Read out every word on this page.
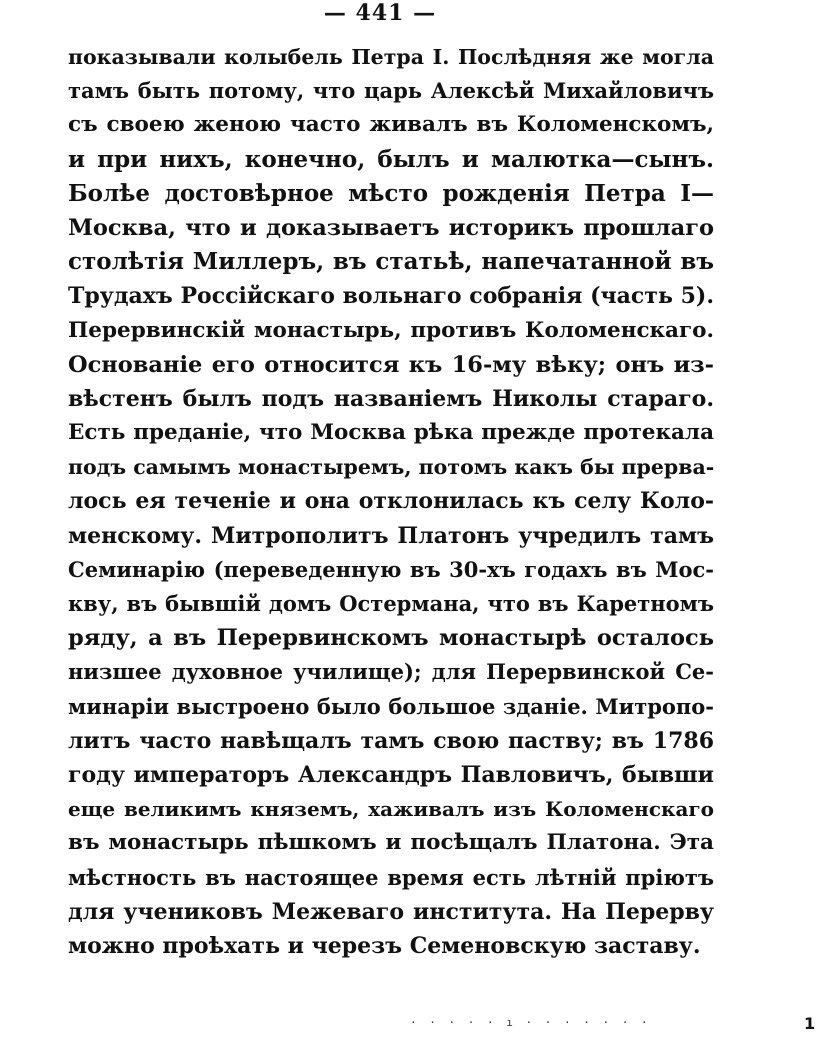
— 441 —
показывали колыбель Петра I. Послѣдняя же могла
тамъ быть потому, что царь Алексѣй Михайловичъ
съ своею женою часто живалъ въ Коломенскомъ,
и при нихъ, конечно, былъ и малютка—сынъ.
Болѣе достовѣрное мѣсто рожденія Петра I—
Москва, что и доказываетъ историкъ прошлаго
столѣтія Миллеръ, въ статьѣ, напечатанной въ
Трудахъ Россійскаго вольнаго собранія (часть 5).
Перервинскій монастырь, противъ Коломенскаго.
Основаніе его относится къ 16-му вѣку; онъ из-
вѣстенъ былъ подъ названіемъ Николы стараго.
Есть преданіе, что Москва рѣка прежде протекала
подъ самымъ монастыремъ, потомъ какъ бы прерва-
лось ея теченіе и она отклонилась къ селу Коло-
менскому. Митрополитъ Платонъ учредилъ тамъ
Семинарію (переведенную въ 30-хъ годахъ въ Мос-
кву, въ бывшій домъ Остермана, что въ Каретномъ
ряду, а въ Перервинскомъ монастырѣ осталось
низшее духовное училище); для Перервинской Се-
минаріи выстроено было большое зданіе. Митропо-
литъ часто навѣщалъ тамъ свою паству; въ 1786
году императоръ Александръ Павловичъ, бывши
еще великимъ княземъ, хаживалъ изъ Коломенскаго
въ монастырь пѣшкомъ и посѣщалъ Платона. Эта
мѣстность въ настоящее время есть лѣтній пріютъ
для учениковъ Межеваго института. На Перерву
можно проѣхать и черезъ Семеновскую заставу.
· · · · · ı · · · · · · ·	1
